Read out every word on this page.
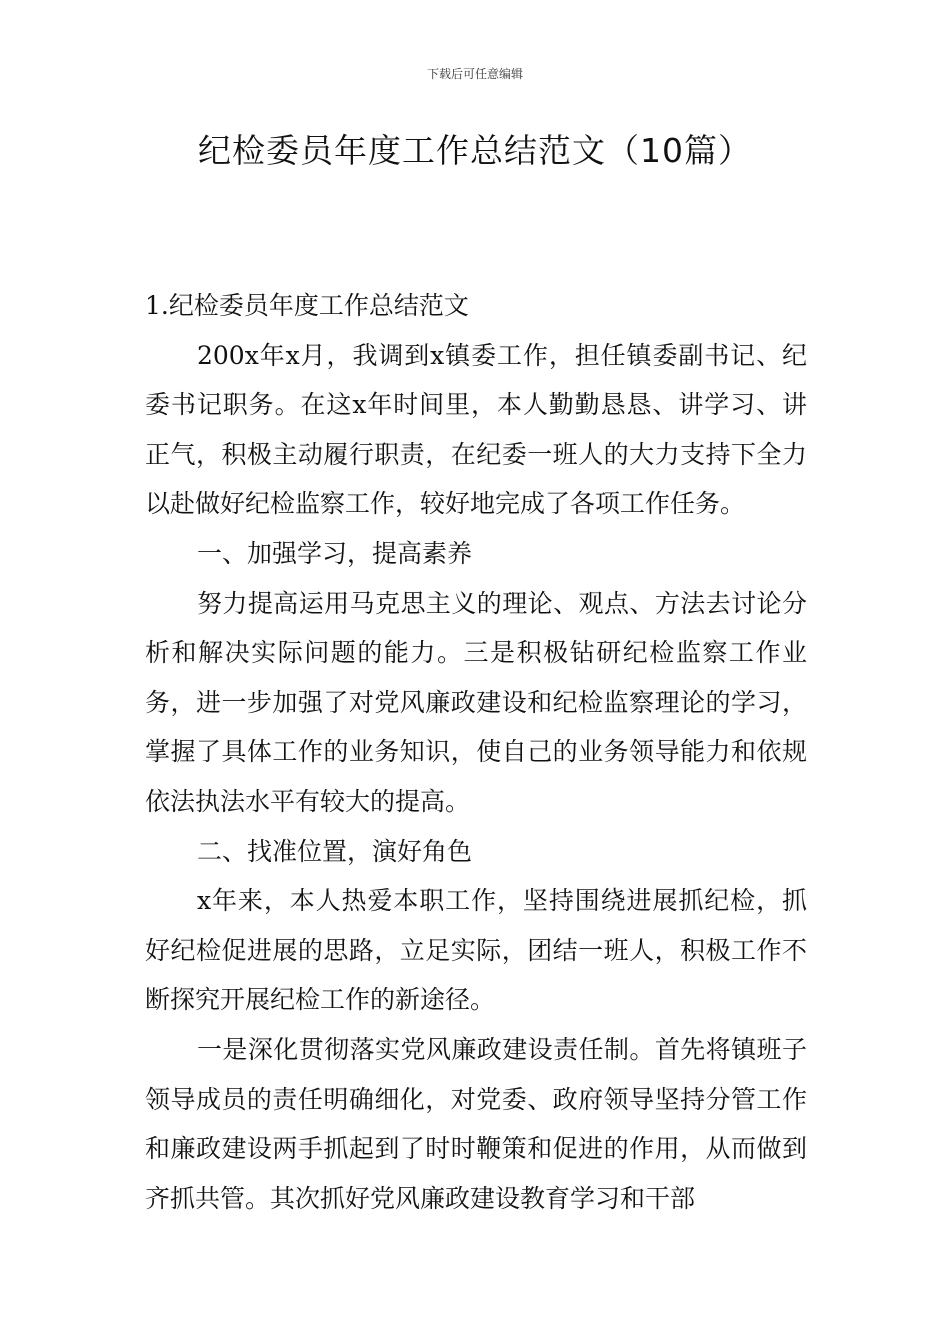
下载后可任意编辑
纪检委员年度工作总结范文（10篇）

1.纪检委员年度工作总结范文

200x年x月，我调到x镇委工作，担任镇委副书记、纪委书记职务。在这x年时间里，本人勤勤恳恳、讲学习、讲正气，积极主动履行职责，在纪委一班人的大力支持下全力以赴做好纪检监察工作，较好地完成了各项工作任务。

一、加强学习，提高素养

努力提高运用马克思主义的理论、观点、方法去讨论分析和解决实际问题的能力。三是积极钻研纪检监察工作业务，进一步加强了对党风廉政建设和纪检监察理论的学习，掌握了具体工作的业务知识，使自己的业务领导能力和依规依法执法水平有较大的提高。

二、找准位置，演好角色

x年来，本人热爱本职工作，坚持围绕进展抓纪检，抓好纪检促进展的思路，立足实际，团结一班人，积极工作不断探究开展纪检工作的新途径。

一是深化贯彻落实党风廉政建设责任制。首先将镇班子领导成员的责任明确细化，对党委、政府领导坚持分管工作和廉政建设两手抓起到了时时鞭策和促进的作用，从而做到齐抓共管。其次抓好党风廉政建设教育学习和干部
